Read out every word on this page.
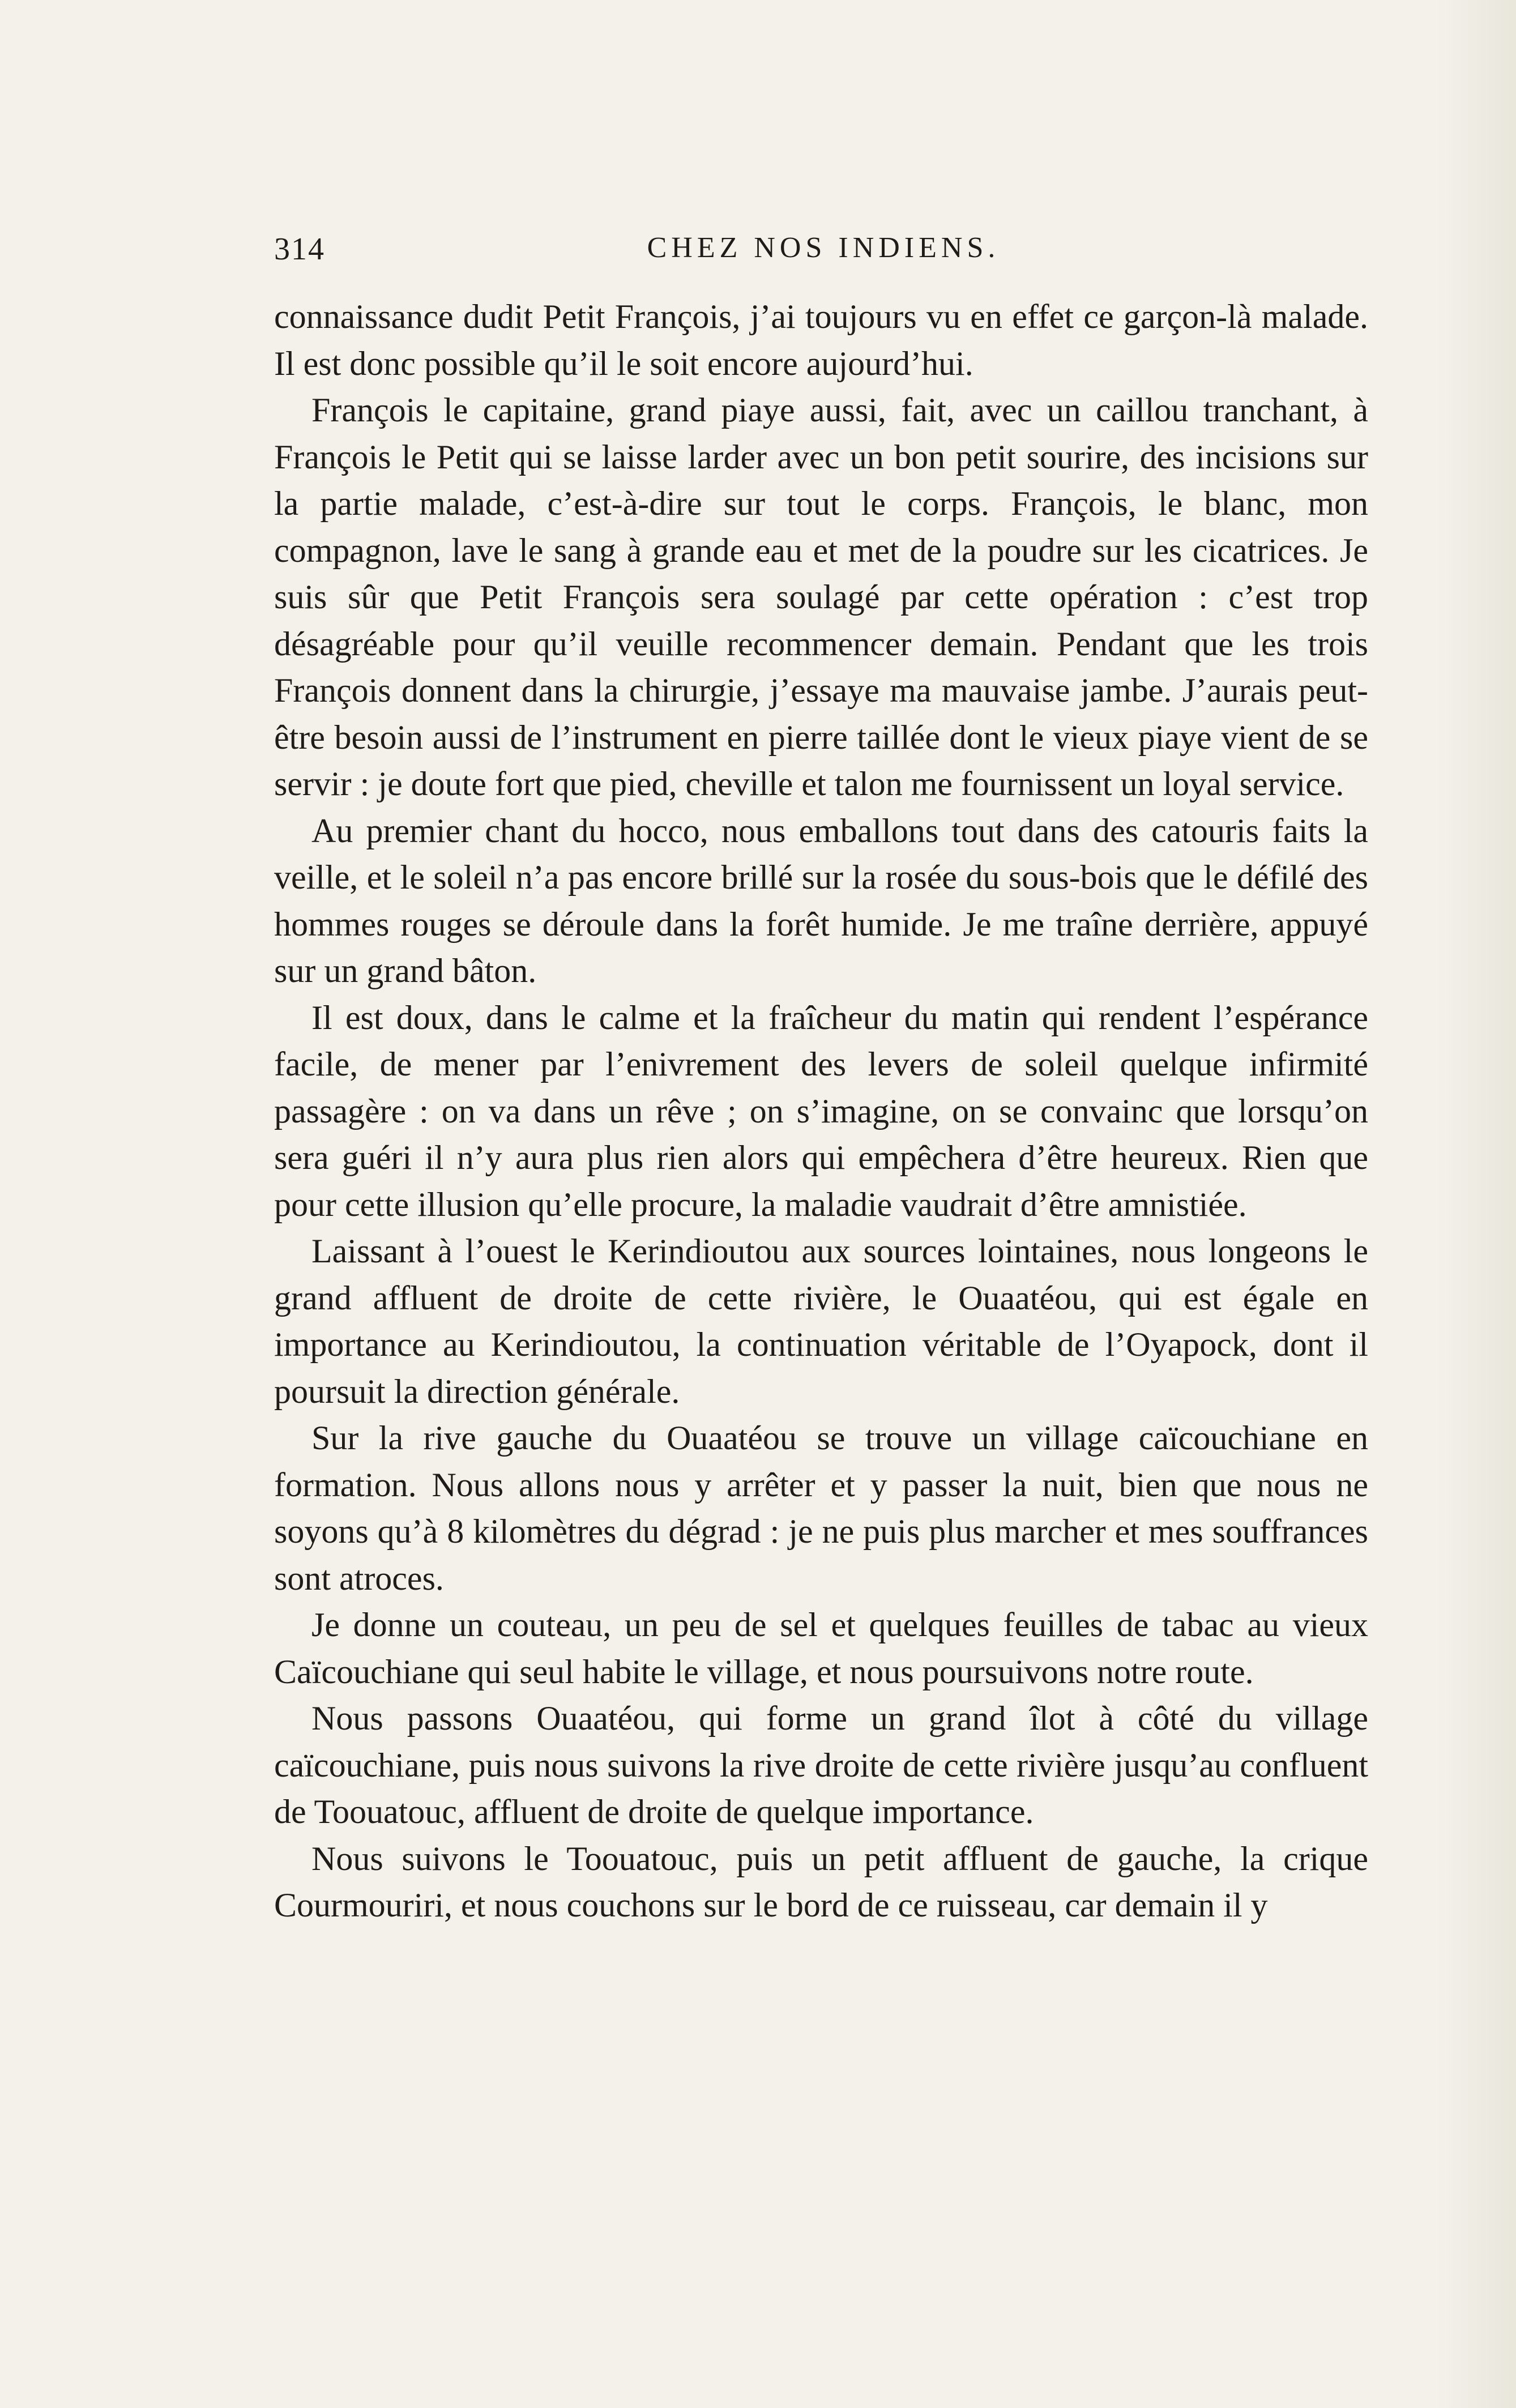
314	CHEZ NOS INDIENS.

connaissance dudit Petit François, j’ai toujours vu en effet ce garçon-là malade. Il est donc possible qu’il le soit encore aujourd’hui.

François le capitaine, grand piaye aussi, fait, avec un caillou tranchant, à François le Petit qui se laisse larder avec un bon petit sourire, des incisions sur la partie malade, c’est-à-dire sur tout le corps. François, le blanc, mon compagnon, lave le sang à grande eau et met de la poudre sur les cicatrices. Je suis sûr que Petit François sera soulagé par cette opération : c’est trop désagréable pour qu’il veuille recommencer demain. Pendant que les trois François donnent dans la chirurgie, j’essaye ma mauvaise jambe. J’aurais peut-être besoin aussi de l’instrument en pierre taillée dont le vieux piaye vient de se servir : je doute fort que pied, cheville et talon me fournissent un loyal service.

Au premier chant du hocco, nous emballons tout dans des catouris faits la veille, et le soleil n’a pas encore brillé sur la rosée du sous-bois que le défilé des hommes rouges se déroule dans la forêt humide. Je me traîne derrière, appuyé sur un grand bâton.

Il est doux, dans le calme et la fraîcheur du matin qui rendent l’espérance facile, de mener par l’enivrement des levers de soleil quelque infirmité passagère : on va dans un rêve ; on s’imagine, on se convainc que lorsqu’on sera guéri il n’y aura plus rien alors qui empêchera d’être heureux. Rien que pour cette illusion qu’elle procure, la maladie vaudrait d’être amnistiée.

Laissant à l’ouest le Kerindioutou aux sources lointaines, nous longeons le grand affluent de droite de cette rivière, le Ouaatéou, qui est égale en importance au Kerindioutou, la continuation véritable de l’Oyapock, dont il poursuit la direction générale.

Sur la rive gauche du Ouaatéou se trouve un village caïcouchiane en formation. Nous allons nous y arrêter et y passer la nuit, bien que nous ne soyons qu’à 8 kilomètres du dégrad : je ne puis plus marcher et mes souffrances sont atroces.

Je donne un couteau, un peu de sel et quelques feuilles de tabac au vieux Caïcouchiane qui seul habite le village, et nous poursuivons notre route.

Nous passons Ouaatéou, qui forme un grand îlot à côté du village caïcouchiane, puis nous suivons la rive droite de cette rivière jusqu’au confluent de Toouatouc, affluent de droite de quelque importance.

Nous suivons le Toouatouc, puis un petit affluent de gauche, la crique Courmouriri, et nous couchons sur le bord de ce ruisseau, car demain il y
